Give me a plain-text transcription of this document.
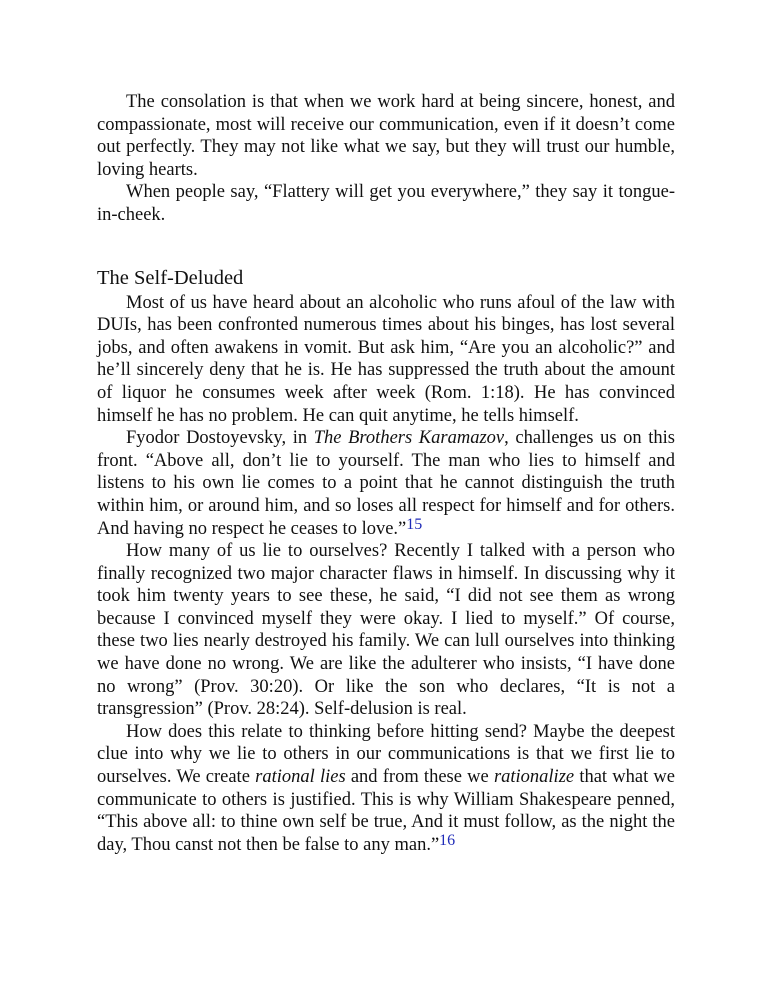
The consolation is that when we work hard at being sincere, honest, and compassionate, most will receive our communication, even if it doesn’t come out perfectly. They may not like what we say, but they will trust our humble, loving hearts.

When people say, “Flattery will get you everywhere,” they say it tongue-in-cheek.

The Self-Deluded

Most of us have heard about an alcoholic who runs afoul of the law with DUIs, has been confronted numerous times about his binges, has lost several jobs, and often awakens in vomit. But ask him, “Are you an alcoholic?” and he’ll sincerely deny that he is. He has suppressed the truth about the amount of liquor he consumes week after week (Rom. 1:18). He has convinced himself he has no problem. He can quit anytime, he tells himself.

Fyodor Dostoyevsky, in The Brothers Karamazov, challenges us on this front. “Above all, don’t lie to yourself. The man who lies to himself and listens to his own lie comes to a point that he cannot distinguish the truth within him, or around him, and so loses all respect for himself and for others. And having no respect he ceases to love.”15

How many of us lie to ourselves? Recently I talked with a person who finally recognized two major character flaws in himself. In discussing why it took him twenty years to see these, he said, “I did not see them as wrong because I convinced myself they were okay. I lied to myself.” Of course, these two lies nearly destroyed his family. We can lull ourselves into thinking we have done no wrong. We are like the adulterer who insists, “I have done no wrong” (Prov. 30:20). Or like the son who declares, “It is not a transgression” (Prov. 28:24). Self-delusion is real.

How does this relate to thinking before hitting send? Maybe the deepest clue into why we lie to others in our communications is that we first lie to ourselves. We create rational lies and from these we rationalize that what we communicate to others is justified. This is why William Shakespeare penned, “This above all: to thine own self be true, And it must follow, as the night the day, Thou canst not then be false to any man.”16
